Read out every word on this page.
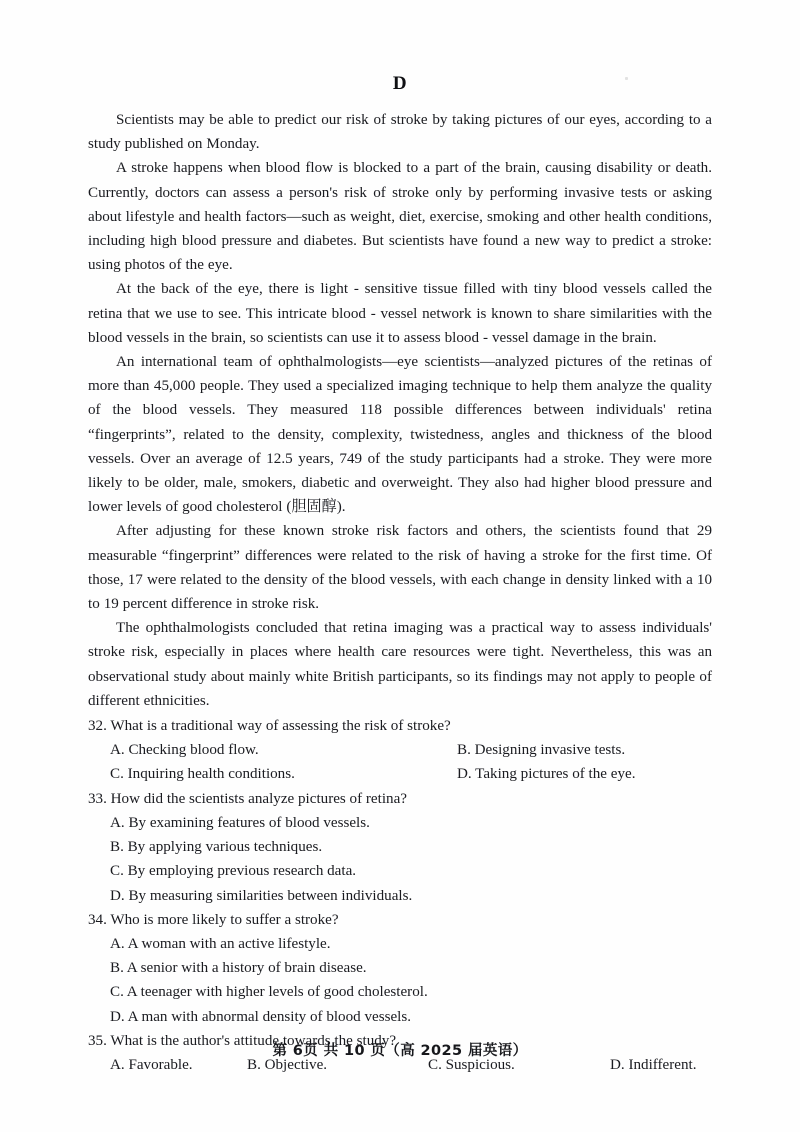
D

Scientists may be able to predict our risk of stroke by taking pictures of our eyes, according to a study published on Monday.

A stroke happens when blood flow is blocked to a part of the brain, causing disability or death. Currently, doctors can assess a person's risk of stroke only by performing invasive tests or asking about lifestyle and health factors—such as weight, diet, exercise, smoking and other health conditions, including high blood pressure and diabetes. But scientists have found a new way to predict a stroke: using photos of the eye.

At the back of the eye, there is light - sensitive tissue filled with tiny blood vessels called the retina that we use to see. This intricate blood - vessel network is known to share similarities with the blood vessels in the brain, so scientists can use it to assess blood - vessel damage in the brain.

An international team of ophthalmologists—eye scientists—analyzed pictures of the retinas of more than 45,000 people. They used a specialized imaging technique to help them analyze the quality of the blood vessels. They measured 118 possible differences between individuals' retina “fingerprints”, related to the density, complexity, twistedness, angles and thickness of the blood vessels. Over an average of 12.5 years, 749 of the study participants had a stroke. They were more likely to be older, male, smokers, diabetic and overweight. They also had higher blood pressure and lower levels of good cholesterol (胆固醇).

After adjusting for these known stroke risk factors and others, the scientists found that 29 measurable “fingerprint” differences were related to the risk of having a stroke for the first time. Of those, 17 were related to the density of the blood vessels, with each change in density linked with a 10 to 19 percent difference in stroke risk.

The ophthalmologists concluded that retina imaging was a practical way to assess individuals' stroke risk, especially in places where health care resources were tight. Nevertheless, this was an observational study about mainly white British participants, so its findings may not apply to people of different ethnicities.

32. What is a traditional way of assessing the risk of stroke?
A. Checking blood flow.	B. Designing invasive tests.
C. Inquiring health conditions.	D. Taking pictures of the eye.
33. How did the scientists analyze pictures of retina?
A. By examining features of blood vessels.
B. By applying various techniques.
C. By employing previous research data.
D. By measuring similarities between individuals.
34. Who is more likely to suffer a stroke?
A. A woman with an active lifestyle.
B. A senior with a history of brain disease.
C. A teenager with higher levels of good cholesterol.
D. A man with abnormal density of blood vessels.
35. What is the author's attitude towards the study?
A. Favorable.	B. Objective.	C. Suspicious.	D. Indifferent.
第 6页 共 10 页（高 2025 届英语）
